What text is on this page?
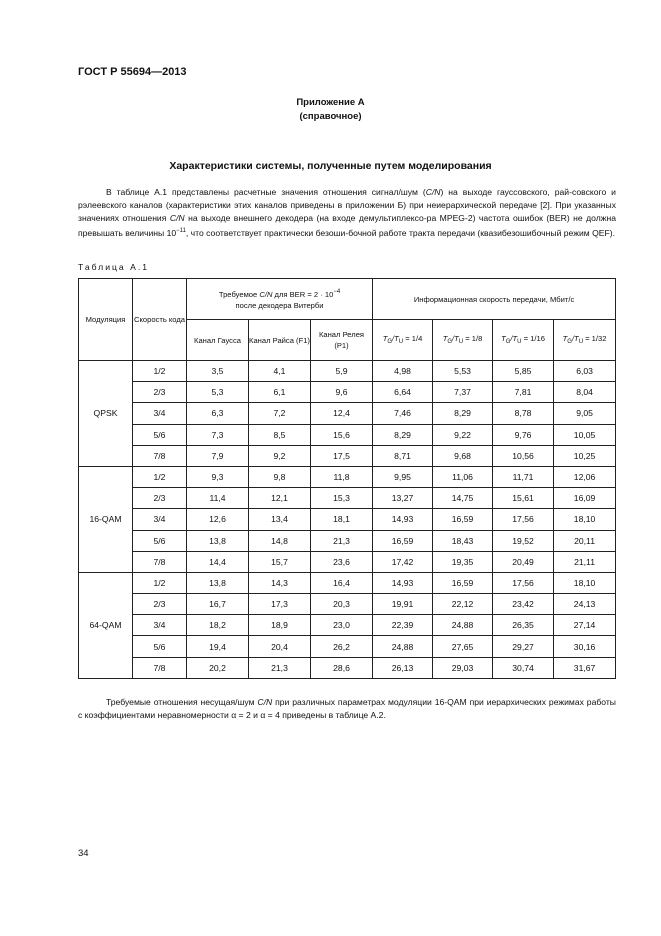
ГОСТ Р 55694—2013
Приложение А
(справочное)
Характеристики системы, полученные путем моделирования

В таблице А.1 представлены расчетные значения отношения сигнал/шум (C/N) на выходе гауссовского, рай-совского и рэлеевского каналов (характеристики этих каналов приведены в приложении Б) при неиерархической передаче [2]. При указанных значениях отношения C/N на выходе внешнего декодера (на входе демультиплексо-ра MPEG-2) частота ошибок (BER) не должна превышать величины $10^{-11}$, что соответствует практически безоши-бочной работе тракта передачи (квазибезошибочный режим QEF).

Таблица А.1
Модуляция	Скорость кода	Требуемое C/N для BER = $2 \cdot 10^{-4}$
после декодера Витерби			Информационная скорость передачи, Мбит/с			
		Канал Гаусса	Канал Райса (F1)	Канал Релея (P1)	$T_G/T_U = 1/4$	$T_G/T_U = 1/8$	$T_G/T_U = 1/16$	$T_G/T_U = 1/32$
QPSK	1/2	3,5	4,1	5,9	4,98	5,53	5,85	6,03
	2/3	5,3	6,1	9,6	6,64	7,37	7,81	8,04
	3/4	6,3	7,2	12,4	7,46	8,29	8,78	9,05
	5/6	7,3	8,5	15,6	8,29	9,22	9,76	10,05
	7/8	7,9	9,2	17,5	8,71	9,68	10,56	10,25
16-QAM	1/2	9,3	9,8	11,8	9,95	11,06	11,71	12,06
	2/3	11,4	12,1	15,3	13,27	14,75	15,61	16,09
	3/4	12,6	13,4	18,1	14,93	16,59	17,56	18,10
	5/6	13,8	14,8	21,3	16,59	18,43	19,52	20,11
	7/8	14,4	15,7	23,6	17,42	19,35	20,49	21,11
64-QAM	1/2	13,8	14,3	16,4	14,93	16,59	17,56	18,10
	2/3	16,7	17,3	20,3	19,91	22,12	23,42	24,13
	3/4	18,2	18,9	23,0	22,39	24,88	26,35	27,14
	5/6	19,4	20,4	26,2	24,88	27,65	29,27	30,16
	7/8	20,2	21,3	28,6	26,13	29,03	30,74	31,67

Требуемые отношения несущая/шум C/N при различных параметрах модуляции 16-QAM при иерархических режимах работы с коэффициентами неравномерности α = 2 и α = 4 приведены в таблице А.2.

34
